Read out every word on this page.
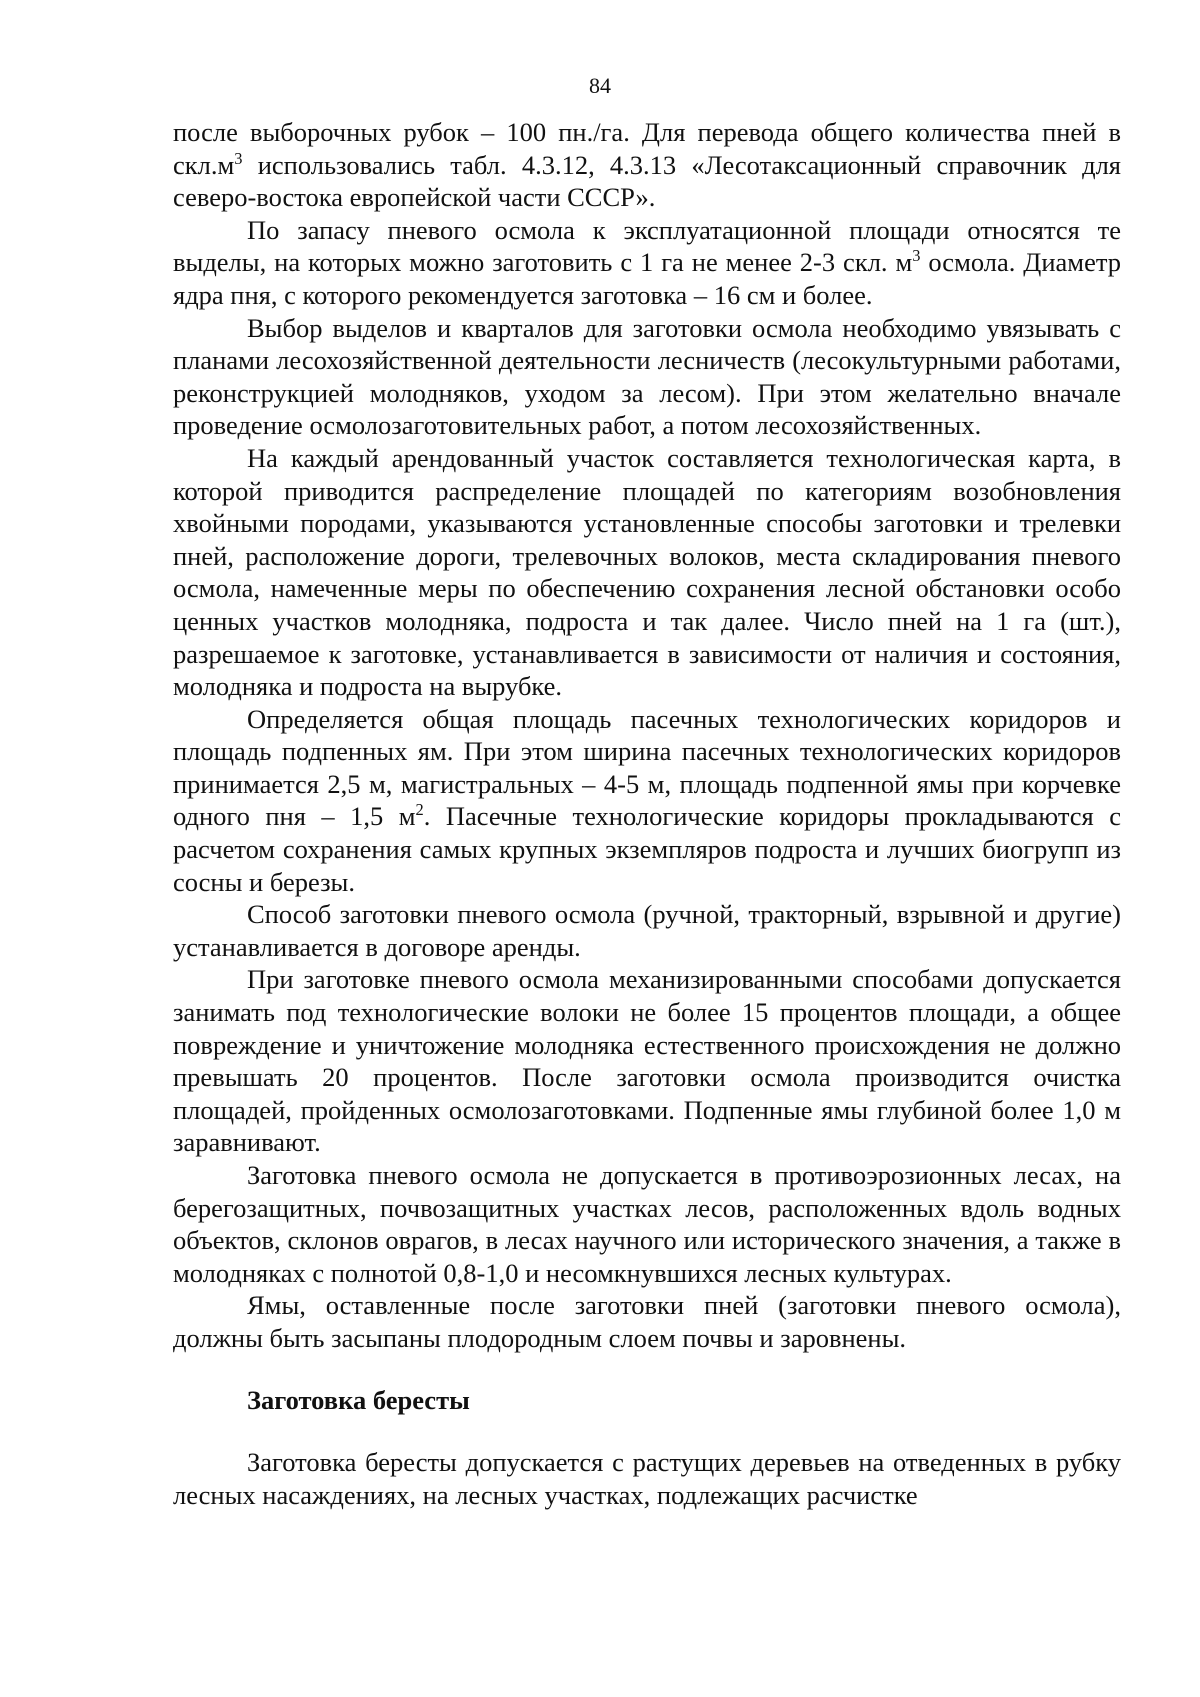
84

после выборочных рубок – 100 пн./га. Для перевода общего количества пней в $скл.м^3$ использовались табл. 4.3.12, 4.3.13 «Лесотаксационный справочник для северо-востока европейской части СССР».

По запасу пневого осмола к эксплуатационной площади относятся те выделы, на которых можно заготовить с 1 га не менее 2-3 скл. $м^3$ осмола. Диаметр ядра пня, с которого рекомендуется заготовка – 16 см и более.

Выбор выделов и кварталов для заготовки осмола необходимо увязывать с планами лесохозяйственной деятельности лесничеств (лесокультурными работами, реконструкцией молодняков, уходом за лесом). При этом желательно вначале проведение осмолозаготовительных работ, а потом лесохозяйственных.

На каждый арендованный участок составляется технологическая карта, в которой приводится распределение площадей по категориям возобновления хвойными породами, указываются установленные способы заготовки и трелевки пней, расположение дороги, трелевочных волоков, места складирования пневого осмола, намеченные меры по обеспечению сохранения лесной обстановки особо ценных участков молодняка, подроста и так далее. Число пней на 1 га (шт.), разрешаемое к заготовке, устанавливается в зависимости от наличия и состояния, молодняка и подроста на вырубке.

Определяется общая площадь пасечных технологических коридоров и площадь подпенных ям. При этом ширина пасечных технологических коридоров принимается 2,5 м, магистральных – 4-5 м, площадь подпенной ямы при корчевке одного пня – 1,5 $м^2$. Пасечные технологические коридоры прокладываются с расчетом сохранения самых крупных экземпляров подроста и лучших биогрупп из сосны и березы.

Способ заготовки пневого осмола (ручной, тракторный, взрывной и другие) устанавливается в договоре аренды.

При заготовке пневого осмола механизированными способами допускается занимать под технологические волоки не более 15 процентов площади, а общее повреждение и уничтожение молодняка естественного происхождения не должно превышать 20 процентов. После заготовки осмола производится очистка площадей, пройденных осмолозаготовками. Подпенные ямы глубиной более 1,0 м заравнивают.

Заготовка пневого осмола не допускается в противоэрозионных лесах, на берегозащитных, почвозащитных участках лесов, расположенных вдоль водных объектов, склонов оврагов, в лесах научного или исторического значения, а также в молодняках с полнотой 0,8-1,0 и несомкнувшихся лесных культурах.

Ямы, оставленные после заготовки пней (заготовки пневого осмола), должны быть засыпаны плодородным слоем почвы и заровнены.

Заготовка бересты

Заготовка бересты допускается с растущих деревьев на отведенных в рубку лесных насаждениях, на лесных участках, подлежащих расчистке
